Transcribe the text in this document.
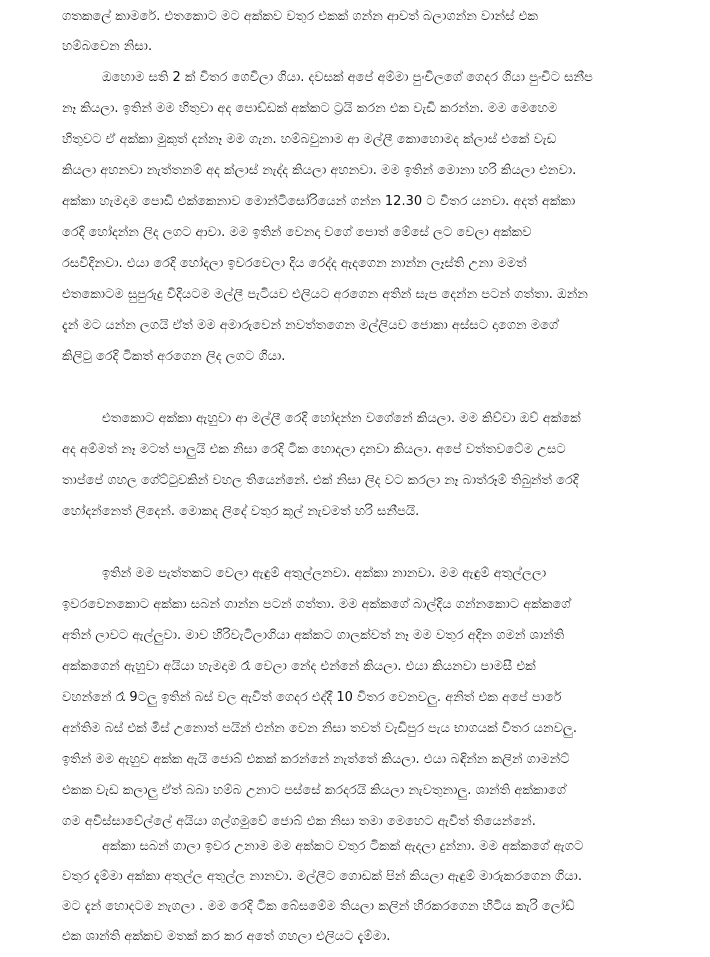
ගතකලේ කාමරේ. එතකොට මට අක්කව වතුර එකක් ගන්න ආවත් බලාගන්න වාන්ස් එක
හම්බවෙන නිසා.
ඔහොම සති 2 ක් විතර ගෙවිලා ගියා. දවසක් අපේ අම්මා පුංචිලගේ ගෙදර ගියා පුංචිට සනීප
නෑ කියලා. ඉතින් මම හිතුවා අද පොඩ්ඩක් අක්කට ට්‍රයි කරන එක වැඩි කරන්න. මම මෙහෙම
හිතුවට ඒ අක්කා මුකුත් දන්නෑ මම ගැන. හම්බවුනාම ආ මල්ලී කොහොමද ක්ලාස් එකේ වැඩ
කියලා අහනවා නැත්තනම් අද ක්ලාස් නැද්ද කියලා අහනවා. මම ඉතින් මොනා හරි කියලා එනවා.
අක්කා හැමදාම පොඩි එක්කෙනාව මොන්ටිසෝරියෙන් ගන්න 12.30 ට විතර යනවා. අදත් අක්කා
රෙදි හෝදන්න ලිද ලගට ආවා. මම ඉතින් වෙනදා වගේ පොත් මේසේ ලට වෙලා අක්කව
රසවිදිනවා. එයා රෙදි හෝදලා ඉවරවෙලා දිය රෙද්ද ඇදගෙන නාන්න ලෑස්ති උනා මමත්
එතකොටම සුපුරුදු විදියටම මල්ලී පැටියව එලියට අරගෙන අතින් සැප දෙන්න පටන් ගත්තා. ඔන්න
දැන් මට යන්න ලගයි ඒත් මම අමාරුවෙන් නවත්තගෙන මල්ලියව ජොකා අස්සට දාගෙන මගේ
කිලිටු රෙදි ටිකත් අරගෙන ලිද ලගට ගියා.
එතකොට අක්කා ඇහුවා ආ මල්ලී රෙදි හෝදන්න වගේනේ කියලා. මම කිව්වා ඔව් අක්කේ
අද අම්මත් නෑ මටත් පාලුයි එක නිසා රෙදි ටික හොදලා දානවා කියලා. අපේ වත්තවටේම උසට
තාප්පේ ගහල ගේට්ටුවකින් වහල තියෙන්නේ. එක් නිසා ලිද වට කරලා නෑ බාත්රූම් තිබුන්ත් රෙදි
හෝදන්නෙත් ලිදෙන්. මොකද ලිදේ වතුර කූල් නැවමත් හරි සනීපයි.
ඉතින් මම පැත්තකට වෙලා ඇඳුම් අතුල්ලනවා. අක්කා නානවා. මම ඇඳුම් අතුල්ලලා
ඉවරවෙනකොට අක්කා සබන් ගාන්න පටන් ගත්තා. මම අක්කගේ බාල්දිය ගන්නකොට අක්කගේ
අතින් ලාවට ඇල්ලුවා. මාව හිරිවැටිලාගියා අක්කට ගාලක්වත් නෑ මම වතුර අදින ගමන් ශාන්ති
අක්කගෙන් ඇහුවා අයියා හැමදාම රෑ වෙලා නේද එන්නේ කියලා. එයා කියනවා පාමසී එක්
වහන්නේ රෑ 9ටලු ඉතින් බස් වල ඇවිත් ගෙදර එද්දී 10 විතර වෙනවලු. අනිත් එක අපේ පාරේ
අන්තිම බස් එක් මිස් උනොත් පයින් එන්න වෙන නිසා තවත් වැඩිපුර පැය භාගයක් විතර යනවලු.
ඉතින් මම ඇහුව අක්ක ඇයි ජොබ් එකක් කරන්නේ නැත්තේ කියලා. එයා බඳින්න කලින් ගාමන්ට්
එකක වැඩ කලාලු ඒත් බබා හම්බ උනාට පස්සේ කරදරයි කියලා නැවතුනාලු. ශාන්ති අක්කාගේ
ගම අවිස්සාවේල්ලේ අයියා ගල්ගමුවේ ජොබ් එක නිසා තමා මෙහෙට ඇවිත් තියෙන්නේ.
අක්කා සබන් ගාලා ඉවර උනාම මම අක්කට වතුර ටිකක් ඇදලා දුන්නා. මම අක්කගේ ඇගට
වතුර දැම්මා අක්කා අතුල්ල අතුල්ල නානවා. මල්ලීට ගොඩක් පින් කියලා ඇඳුම් මාරුකරගෙන ගියා.
මට දැන් හොදටම නැගලා . මම රෙදි ටික බේසමේම තියලා කලින් හිරකරගෙන හිටිය කැරි ලෝඩ්
එක ශාන්ති අක්කව මතක් කර කර අතේ ගහලා එලියට දැම්මා.
